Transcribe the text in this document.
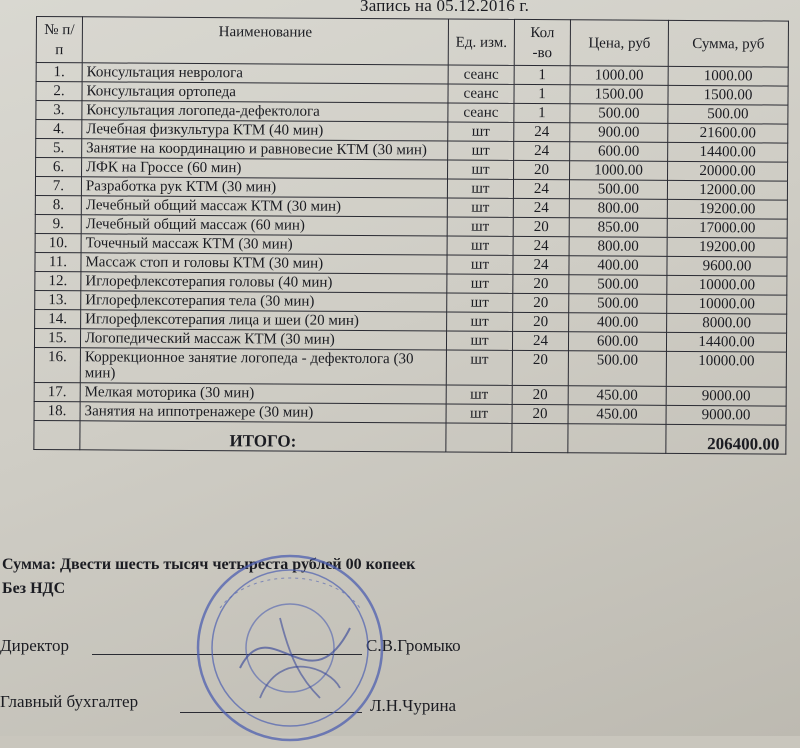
Запись на 05.12.2016 г.
№ п/п	Наименование	Ед. изм.	Кол -во	Цена, руб	Сумма, руб
1.	Консультация невролога	сеанс	1	1000.00	1000.00
2.	Консультация ортопеда	сеанс	1	1500.00	1500.00
3.	Консультация логопеда-дефектолога	сеанс	1	500.00	500.00
4.	Лечебная физкультура КТМ (40 мин)	шт	24	900.00	21600.00
5.	Занятие на координацию и равновесие КТМ (30 мин)	шт	24	600.00	14400.00
6.	ЛФК на Гроссе (60 мин)	шт	20	1000.00	20000.00
7.	Разработка рук КТМ (30 мин)	шт	24	500.00	12000.00
8.	Лечебный общий массаж КТМ (30 мин)	шт	24	800.00	19200.00
9.	Лечебный общий массаж (60 мин)	шт	20	850.00	17000.00
10.	Точечный массаж КТМ (30 мин)	шт	24	800.00	19200.00
11.	Массаж стоп и головы КТМ (30 мин)	шт	24	400.00	9600.00
12.	Иглорефлексотерапия головы (40 мин)	шт	20	500.00	10000.00
13.	Иглорефлексотерапия тела (30 мин)	шт	20	500.00	10000.00
14.	Иглорефлексотерапия лица и шеи (20 мин)	шт	20	400.00	8000.00
15.	Логопедический массаж КТМ (30 мин)	шт	24	600.00	14400.00
16.	Коррекционное занятие логопеда - дефектолога (30 мин)	шт	20	500.00	10000.00
17.	Мелкая моторика (30 мин)	шт	20	450.00	9000.00
18.	Занятия на иппотренажере (30 мин)	шт	20	450.00	9000.00
	ИТОГО:				206400.00
Сумма: Двести шесть тысяч четыреста рублей 00 копеек
Без НДС
Директор	С.В.Громыко
Главный бухгалтер	Л.Н.Чурина
